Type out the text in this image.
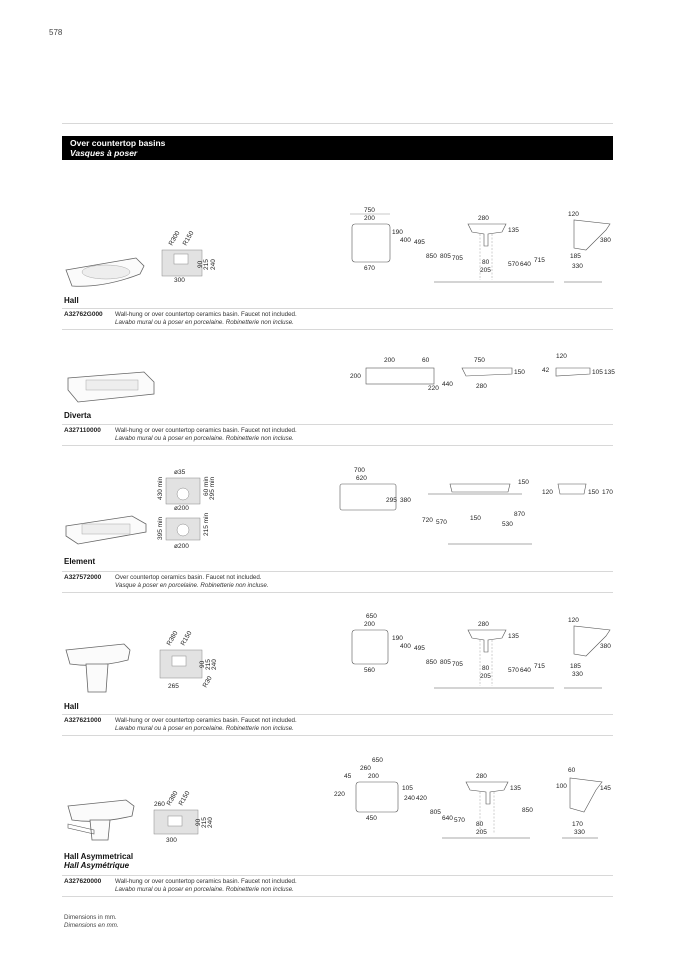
578
Over countertop basins
Vasques à poser
R300 R150
90 215 240
300
750
200
190
400 495
670
280
135
850 805 705
80
205
570 640
715
120
380
185
330
Hall
A32762G000 Wall-hung or over countertop ceramics basin. Faucet not included.
Lavabo mural ou à poser en porcelaine. Robinetterie non incluse.
200	60
200
220
440
750
150
280
120
42	105 135
Diverta
A327110000 Wall-hung or over countertop ceramics basin. Faucet not included.
Lavabo mural ou à poser en porcelaine. Robinetterie non incluse.
ø35
430 min
ø200
60 min 295 min
395 min	215 min
ø200
700
620
295 380
150
720 570
150
870
530
120	150 170
Element
A327572000 Over countertop ceramics basin. Faucet not included.
Vasque à poser en porcelaine. Robinetterie non incluse.
R380 R150
90 215 240
265	R30
650
200
190
400 495
560
280
135
850 805 705
80
205
570 640
715
120
380
185
330
Hall
A327621000 Wall-hung or over countertop ceramics basin. Faucet not included.
Lavabo mural ou à poser en porcelaine. Robinetterie non incluse.
260 R380
R150
90 215 240
300
650
260
45	200
220
105
240 420
450
280
135
805
640 570
80
205
850
60
100	145
170
330
Hall Asymmetrical
Hall Asymétrique
A327620000 Wall-hung or over countertop ceramics basin. Faucet not included.
Lavabo mural ou à poser en porcelaine. Robinetterie non incluse.
Dimensions in mm.
Dimensions en mm.
